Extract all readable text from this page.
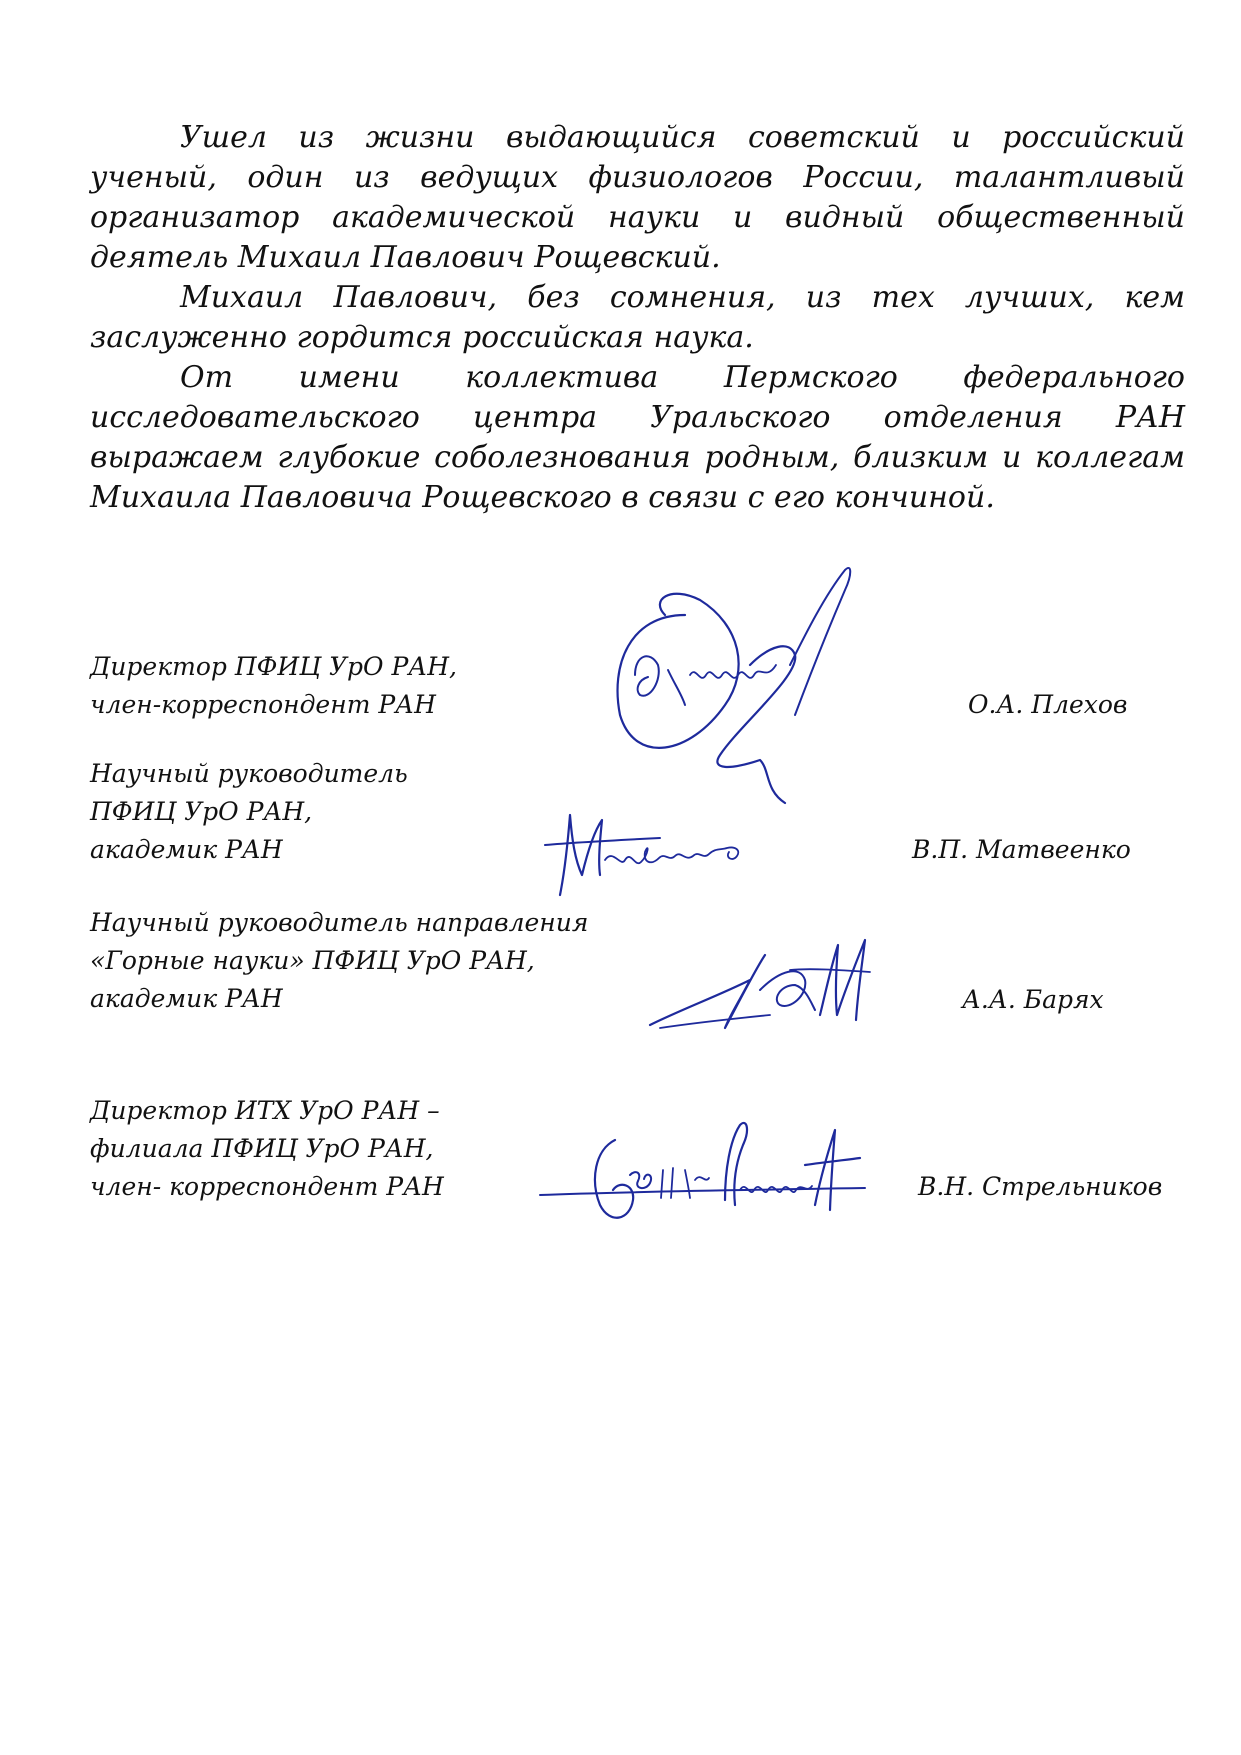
Ушел из жизни выдающийся советский и российский ученый, один из ведущих физиологов России, талантливый организатор академической науки и видный общественный деятель Михаил Павлович Рощевский.

Михаил Павлович, без сомнения, из тех лучших, кем заслуженно гордится российская наука.

От имени коллектива Пермского федерального исследовательского центра Уральского отделения РАН выражаем глубокие соболезнования родным, близким и коллегам Михаила Павловича Рощевского в связи с его кончиной.

Директор ПФИЦ УрО РАН,
член-корреспондент РАН	О.А. Плехов
Научный руководитель
ПФИЦ УрО РАН,
академик РАН	В.П. Матвеенко
Научный руководитель направления
«Горные науки» ПФИЦ УрО РАН,
академик РАН	А.А. Барях
Директор ИТХ УрО РАН –
филиала ПФИЦ УрО РАН,
член- корреспондент РАН	В.Н. Стрельников
